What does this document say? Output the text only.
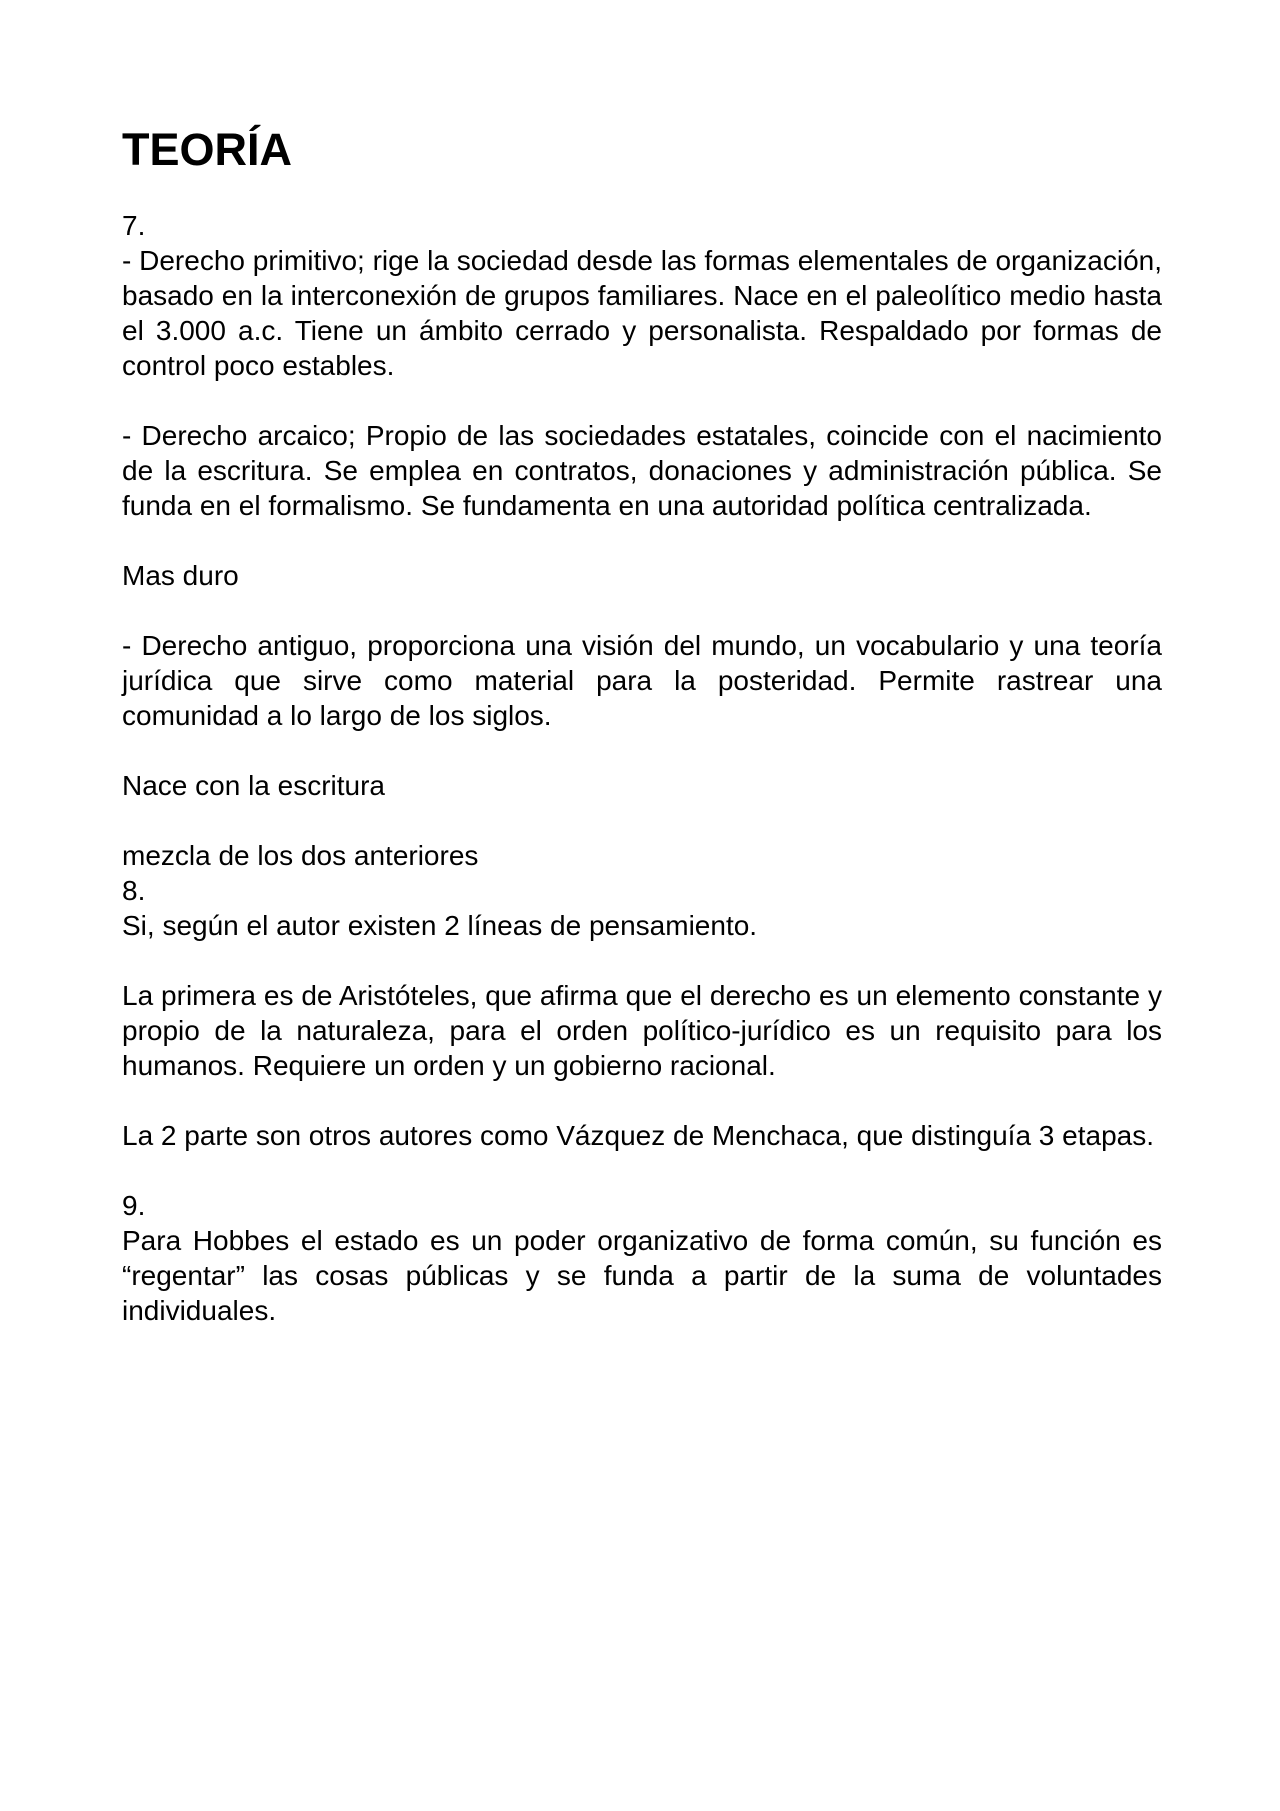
TEORÍA
7.
- Derecho primitivo; rige la sociedad desde las formas elementales de organización, basado en la interconexión de grupos familiares. Nace en el paleolítico medio hasta el 3.000 a.c. Tiene un ámbito cerrado y personalista. Respaldado por formas de control poco estables.
- Derecho arcaico; Propio de las sociedades estatales, coincide con el nacimiento de la escritura. Se emplea en contratos, donaciones y administración pública. Se funda en el formalismo. Se fundamenta en una autoridad política centralizada.
Mas duro
- Derecho antiguo, proporciona una visión del mundo, un vocabulario y una teoría jurídica que sirve como material para la posteridad. Permite rastrear una comunidad a lo largo de los siglos.
Nace con la escritura
mezcla de los dos anteriores
8.
Si, según el autor existen 2 líneas de pensamiento.
La primera es de Aristóteles, que afirma que el derecho es un elemento constante y propio de la naturaleza, para el orden político-jurídico es un requisito para los humanos. Requiere un orden y un gobierno racional.
La 2 parte son otros autores como Vázquez de Menchaca, que distinguía 3 etapas.
9.
Para Hobbes el estado es un poder organizativo de forma común, su función es “regentar” las cosas públicas y se funda a partir de la suma de voluntades individuales.
